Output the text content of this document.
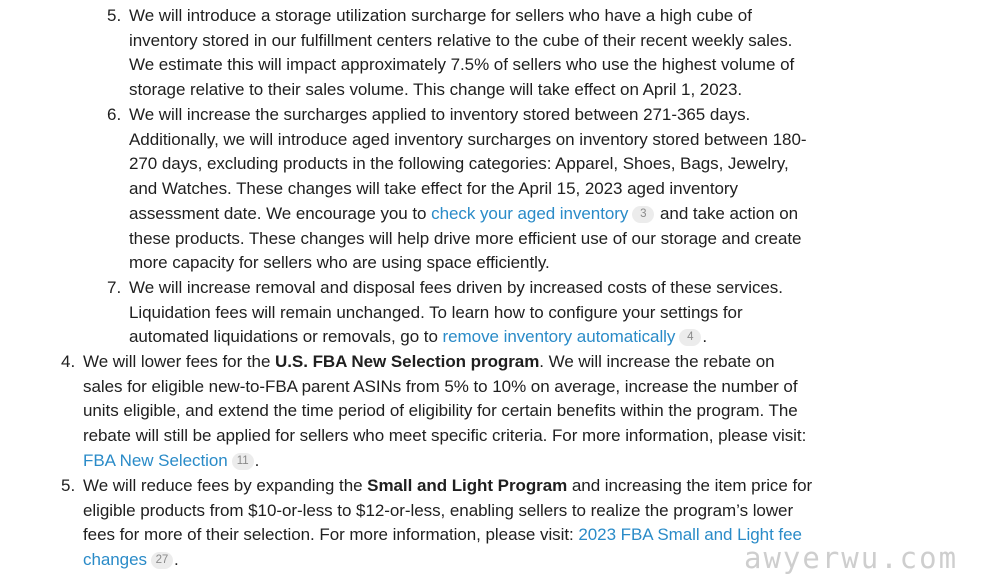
5. We will introduce a storage utilization surcharge for sellers who have a high cube of
inventory stored in our fulfillment centers relative to the cube of their recent weekly sales.
We estimate this will impact approximately 7.5% of sellers who use the highest volume of
storage relative to their sales volume. This change will take effect on April 1, 2023.
6. We will increase the surcharges applied to inventory stored between 271-365 days.
Additionally, we will introduce aged inventory surcharges on inventory stored between 180-
270 days, excluding products in the following categories: Apparel, Shoes, Bags, Jewelry,
and Watches. These changes will take effect for the April 15, 2023 aged inventory
assessment date. We encourage you to check your aged inventory 3 and take action on
these products. These changes will help drive more efficient use of our storage and create
more capacity for sellers who are using space efficiently.
7. We will increase removal and disposal fees driven by increased costs of these services.
Liquidation fees will remain unchanged. To learn how to configure your settings for
automated liquidations or removals, go to remove inventory automatically 4 .
4. We will lower fees for the U.S. FBA New Selection program. We will increase the rebate on
sales for eligible new-to-FBA parent ASINs from 5% to 10% on average, increase the number of
units eligible, and extend the time period of eligibility for certain benefits within the program. The
rebate will still be applied for sellers who meet specific criteria. For more information, please visit:
FBA New Selection 11 .
5. We will reduce fees by expanding the Small and Light Program and increasing the item price for
eligible products from $10-or-less to $12-or-less, enabling sellers to realize the program’s lower
fees for more of their selection. For more information, please visit: 2023 FBA Small and Light fee
changes 27 .	awyerwu.com
